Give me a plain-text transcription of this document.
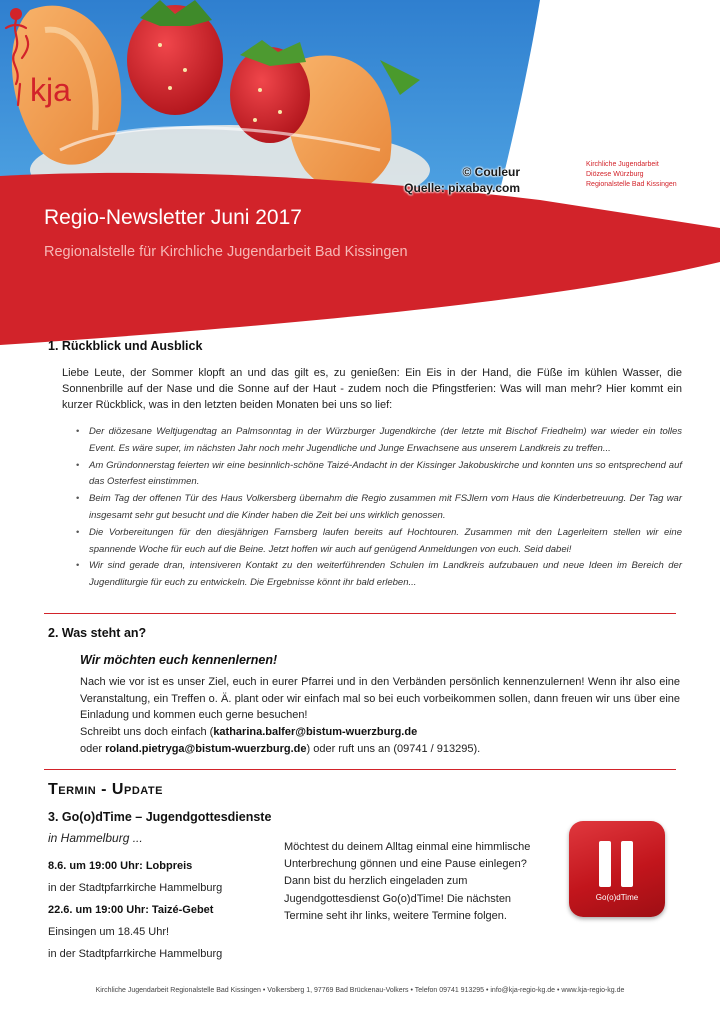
© Couleur
Quelle: pixabay.com
Regio-Newsletter Juni 2017
Regionalstelle für Kirchliche Jugendarbeit Bad Kissingen
kja
Kirchliche Jugendarbeit
Diözese Würzburg
Regionalstelle Bad Kissingen
1. Rückblick und Ausblick
Liebe Leute, der Sommer klopft an und das gilt es, zu genießen: Ein Eis in der Hand, die Füße im kühlen Wasser, die Sonnenbrille auf der Nase und die Sonne auf der Haut - zudem noch die Pfingstferien: Was will man mehr? Hier kommt ein kurzer Rückblick, was in den letzten beiden Monaten bei uns so lief:
• Der diözesane Weltjugendtag an Palmsonntag in der Würzburger Jugendkirche (der letzte mit Bischof Friedhelm) war wieder ein tolles Event. Es wäre super, im nächsten Jahr noch mehr Jugendliche und Junge Erwachsene aus unserem Landkreis zu treffen...
• Am Gründonnerstag feierten wir eine besinnlich-schöne Taizé-Andacht in der Kissinger Jakobuskirche und konnten uns so entsprechend auf das Osterfest einstimmen.
• Beim Tag der offenen Tür des Haus Volkersberg übernahm die Regio zusammen mit FSJlern vom Haus die Kinderbetreuung. Der Tag war insgesamt sehr gut besucht und die Kinder haben die Zeit bei uns wirklich genossen.
• Die Vorbereitungen für den diesjährigen Farnsberg laufen bereits auf Hochtouren. Zusammen mit den Lagerleitern stellen wir eine spannende Woche für euch auf die Beine. Jetzt hoffen wir auch auf genügend Anmeldungen von euch. Seid dabei!
• Wir sind gerade dran, intensiveren Kontakt zu den weiterführenden Schulen im Landkreis aufzubauen und neue Ideen im Bereich der Jugendliturgie für euch zu entwickeln. Die Ergebnisse könnt ihr bald erleben...
2. Was steht an?
Wir möchten euch kennenlernen!
Nach wie vor ist es unser Ziel, euch in eurer Pfarrei und in den Verbänden persönlich kennenzulernen! Wenn ihr also eine Veranstaltung, ein Treffen o. Ä. plant oder wir einfach mal so bei euch vorbeikommen sollen, dann freuen wir uns über eine Einladung und kommen euch gerne besuchen!
Schreibt uns doch einfach (katharina.balfer@bistum-wuerzburg.de
oder roland.pietryga@bistum-wuerzburg.de) oder ruft uns an (09741 / 913295).
Termin - Update
3. Go(o)dTime – Jugendgottesdienste
in Hammelburg ...
8.6. um 19:00 Uhr: Lobpreis
in der Stadtpfarrkirche Hammelburg
22.6. um 19:00 Uhr: Taizé-Gebet
Einsingen um 18.45 Uhr!
in der Stadtpfarrkirche Hammelburg
Möchtest du deinem Alltag einmal eine himmlische Unterbrechung gönnen und eine Pause einlegen? Dann bist du herzlich eingeladen zum Jugendgottesdienst Go(o)dTime! Die nächsten Termine seht ihr links, weitere Termine folgen.
Go(o)dTime
Kirchliche Jugendarbeit Regionalstelle Bad Kissingen • Volkersberg 1, 97769 Bad Brückenau-Volkers • Telefon 09741 913295 • info@kja-regio-kg.de • www.kja-regio-kg.de
